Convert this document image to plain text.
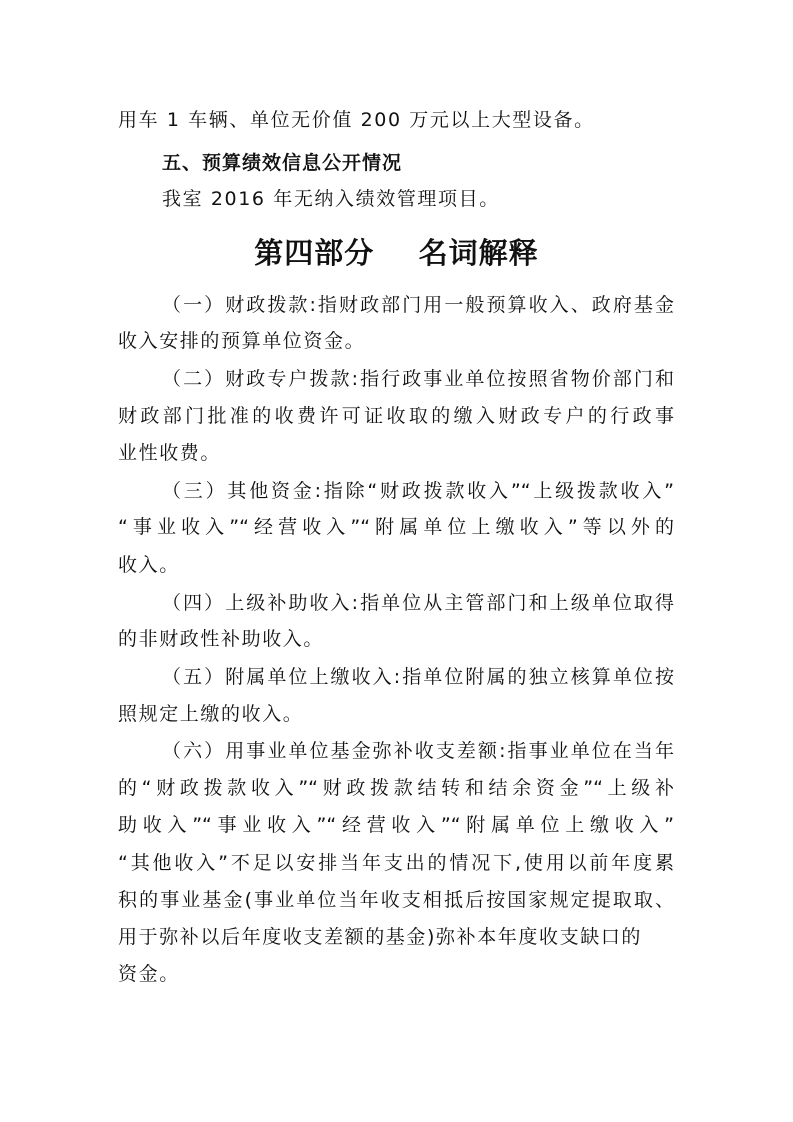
用车 1 车辆、单位无价值 200 万元以上大型设备。
五、预算绩效信息公开情况
我室 2016 年无纳入绩效管理项目。
第四部分    名词解释
（一）财政拨款:指财政部门用一般预算收入、政府基金
收入安排的预算单位资金。
（二）财政专户拨款:指行政事业单位按照省物价部门和
财政部门批准的收费许可证收取的缴入财政专户的行政事
业性收费。
（三）其他资金:指除“财政拨款收入”“上级拨款收入”
“事业收入”“经营收入”“附属单位上缴收入”等以外的
收入。
（四）上级补助收入:指单位从主管部门和上级单位取得
的非财政性补助收入。
（五）附属单位上缴收入:指单位附属的独立核算单位按
照规定上缴的收入。
（六）用事业单位基金弥补收支差额:指事业单位在当年
的“财政拨款收入”“财政拨款结转和结余资金”“上级补
助收入”“事业收入”“经营收入”“附属单位上缴收入”
“其他收入”不足以安排当年支出的情况下,使用以前年度累
积的事业基金(事业单位当年收支相抵后按国家规定提取取、
用于弥补以后年度收支差额的基金)弥补本年度收支缺口的
资金。
